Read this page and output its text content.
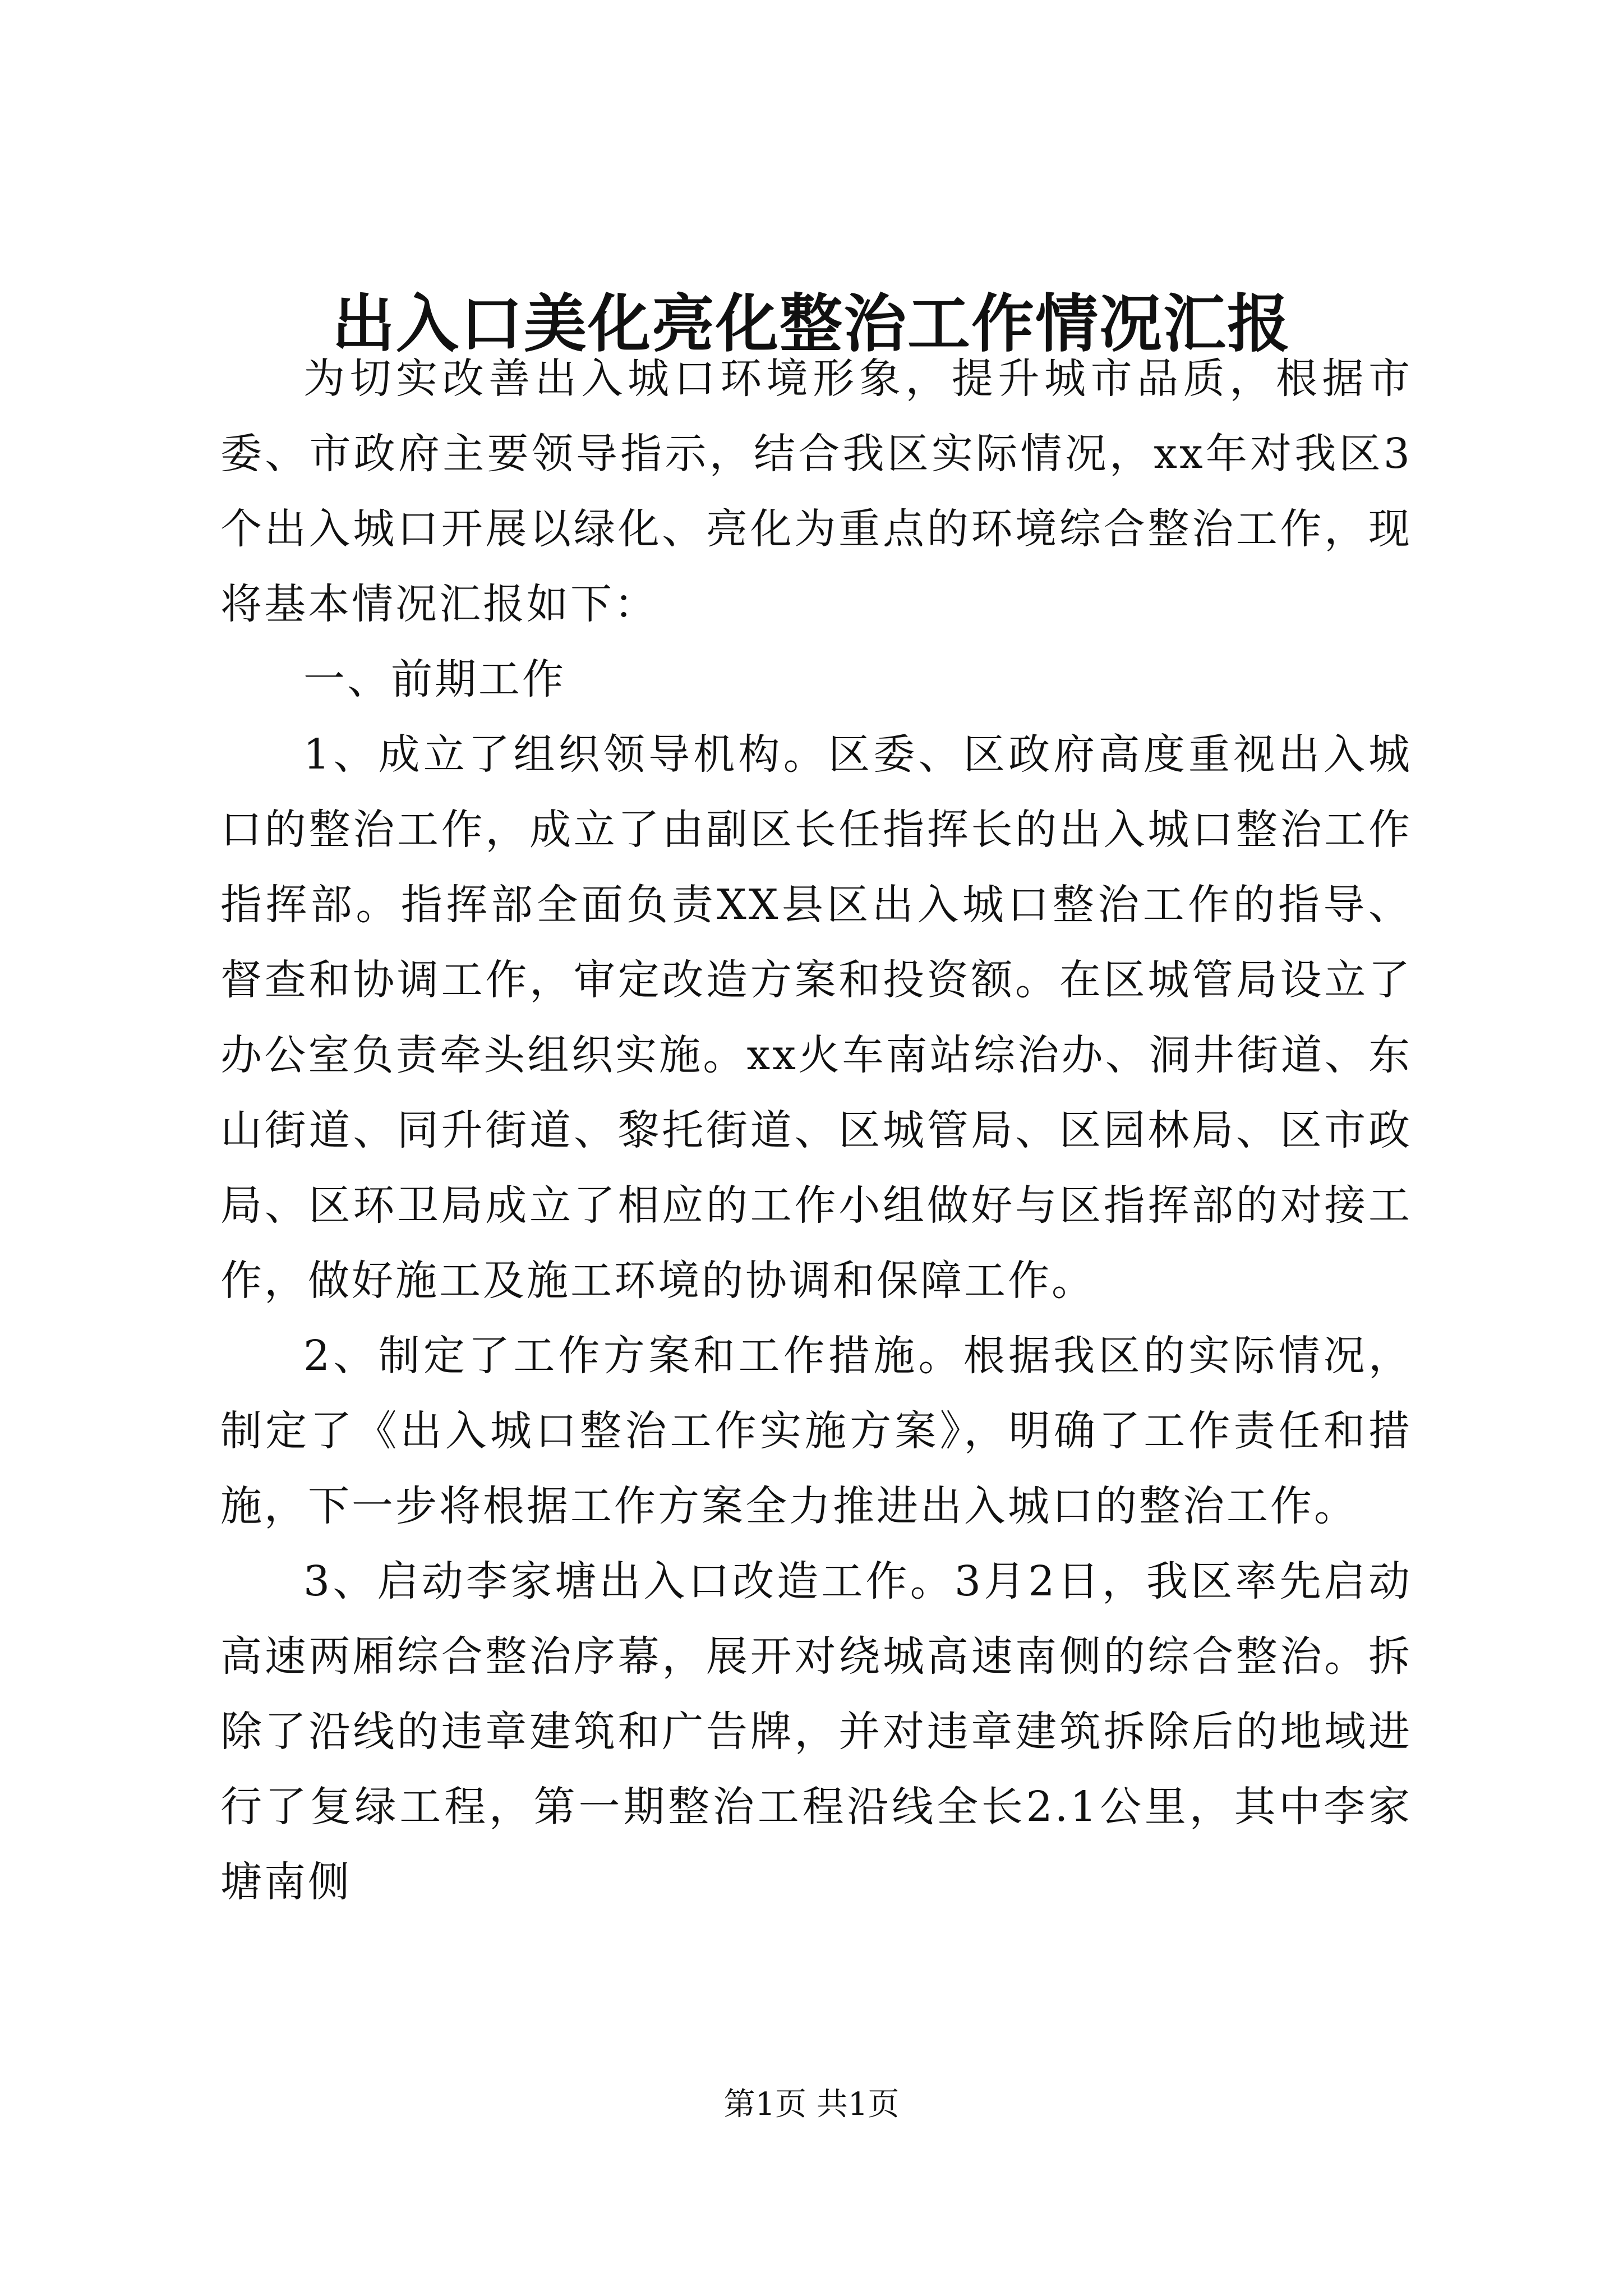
出入口美化亮化整治工作情况汇报

为切实改善出入城口环境形象，提升城市品质，根据市委、市政府主要领导指示，结合我区实际情况，xx年对我区3个出入城口开展以绿化、亮化为重点的环境综合整治工作，现将基本情况汇报如下：

一、前期工作

1、成立了组织领导机构。区委、区政府高度重视出入城口的整治工作，成立了由副区长任指挥长的出入城口整治工作指挥部。指挥部全面负责XX县区出入城口整治工作的指导、督查和协调工作，审定改造方案和投资额。在区城管局设立了办公室负责牵头组织实施。xx火车南站综治办、洞井街道、东山街道、同升街道、黎托街道、区城管局、区园林局、区市政局、区环卫局成立了相应的工作小组做好与区指挥部的对接工作，做好施工及施工环境的协调和保障工作。

2、制定了工作方案和工作措施。根据我区的实际情况，制定了《出入城口整治工作实施方案》，明确了工作责任和措施，下一步将根据工作方案全力推进出入城口的整治工作。

3、启动李家塘出入口改造工作。3月2日，我区率先启动高速两厢综合整治序幕，展开对绕城高速南侧的综合整治。拆除了沿线的违章建筑和广告牌，并对违章建筑拆除后的地域进行了复绿工程，第一期整治工程沿线全长2.1公里，其中李家塘南侧

第1页 共1页
